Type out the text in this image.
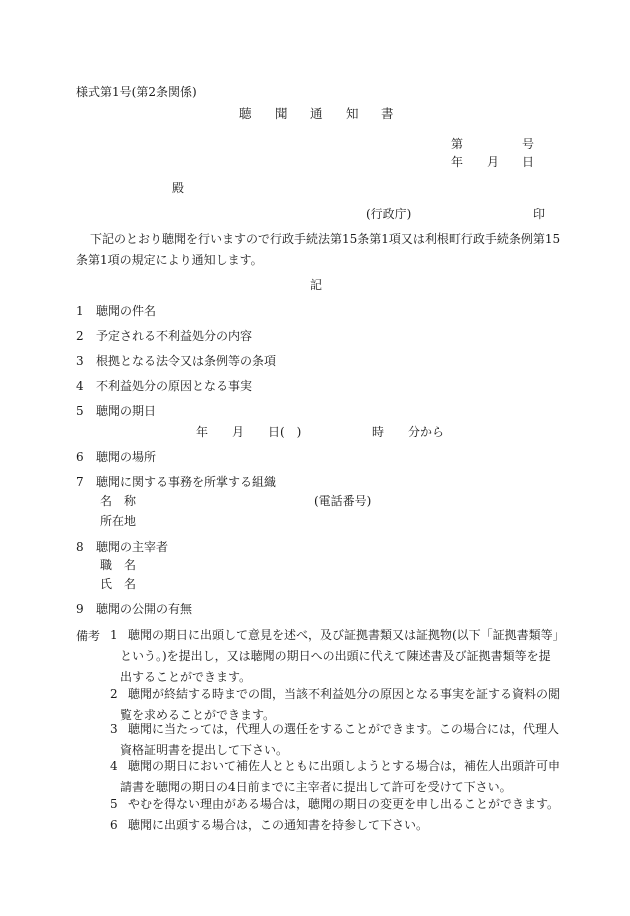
様式第1号(第2条関係)
聴 聞 通 知 書
第	号
年 月 日
殿
(行政庁)	印
下記のとおり聴聞を行いますので行政手続法第15条第1項又は利根町行政手続条例第15
条第1項の規定により通知します。
記
1 聴聞の件名
2 予定される不利益処分の内容
3 根拠となる法令又は条例等の条項
4 不利益処分の原因となる事実
5 聴聞の期日
年 月 日(　)	時 分から
6 聴聞の場所
7 聴聞に関する事務を所掌する組織
名　称	(電話番号)
所在地
8 聴聞の主宰者
職　名
氏　名
9 聴聞の公開の有無
備考 1 聴聞の期日に出頭して意見を述べ，及び証拠書類又は証拠物(以下「証拠書類等」
という。)を提出し，又は聴聞の期日への出頭に代えて陳述書及び証拠書類等を提
出することができます。
2 聴聞が終結する時までの間，当該不利益処分の原因となる事実を証する資料の閲
覧を求めることができます。
3 聴聞に当たっては，代理人の選任をすることができます。この場合には，代理人
資格証明書を提出して下さい。
4 聴聞の期日において補佐人とともに出頭しようとする場合は，補佐人出頭許可申
請書を聴聞の期日の4日前までに主宰者に提出して許可を受けて下さい。
5 やむを得ない理由がある場合は，聴聞の期日の変更を申し出ることができます。
6 聴聞に出頭する場合は，この通知書を持参して下さい。
